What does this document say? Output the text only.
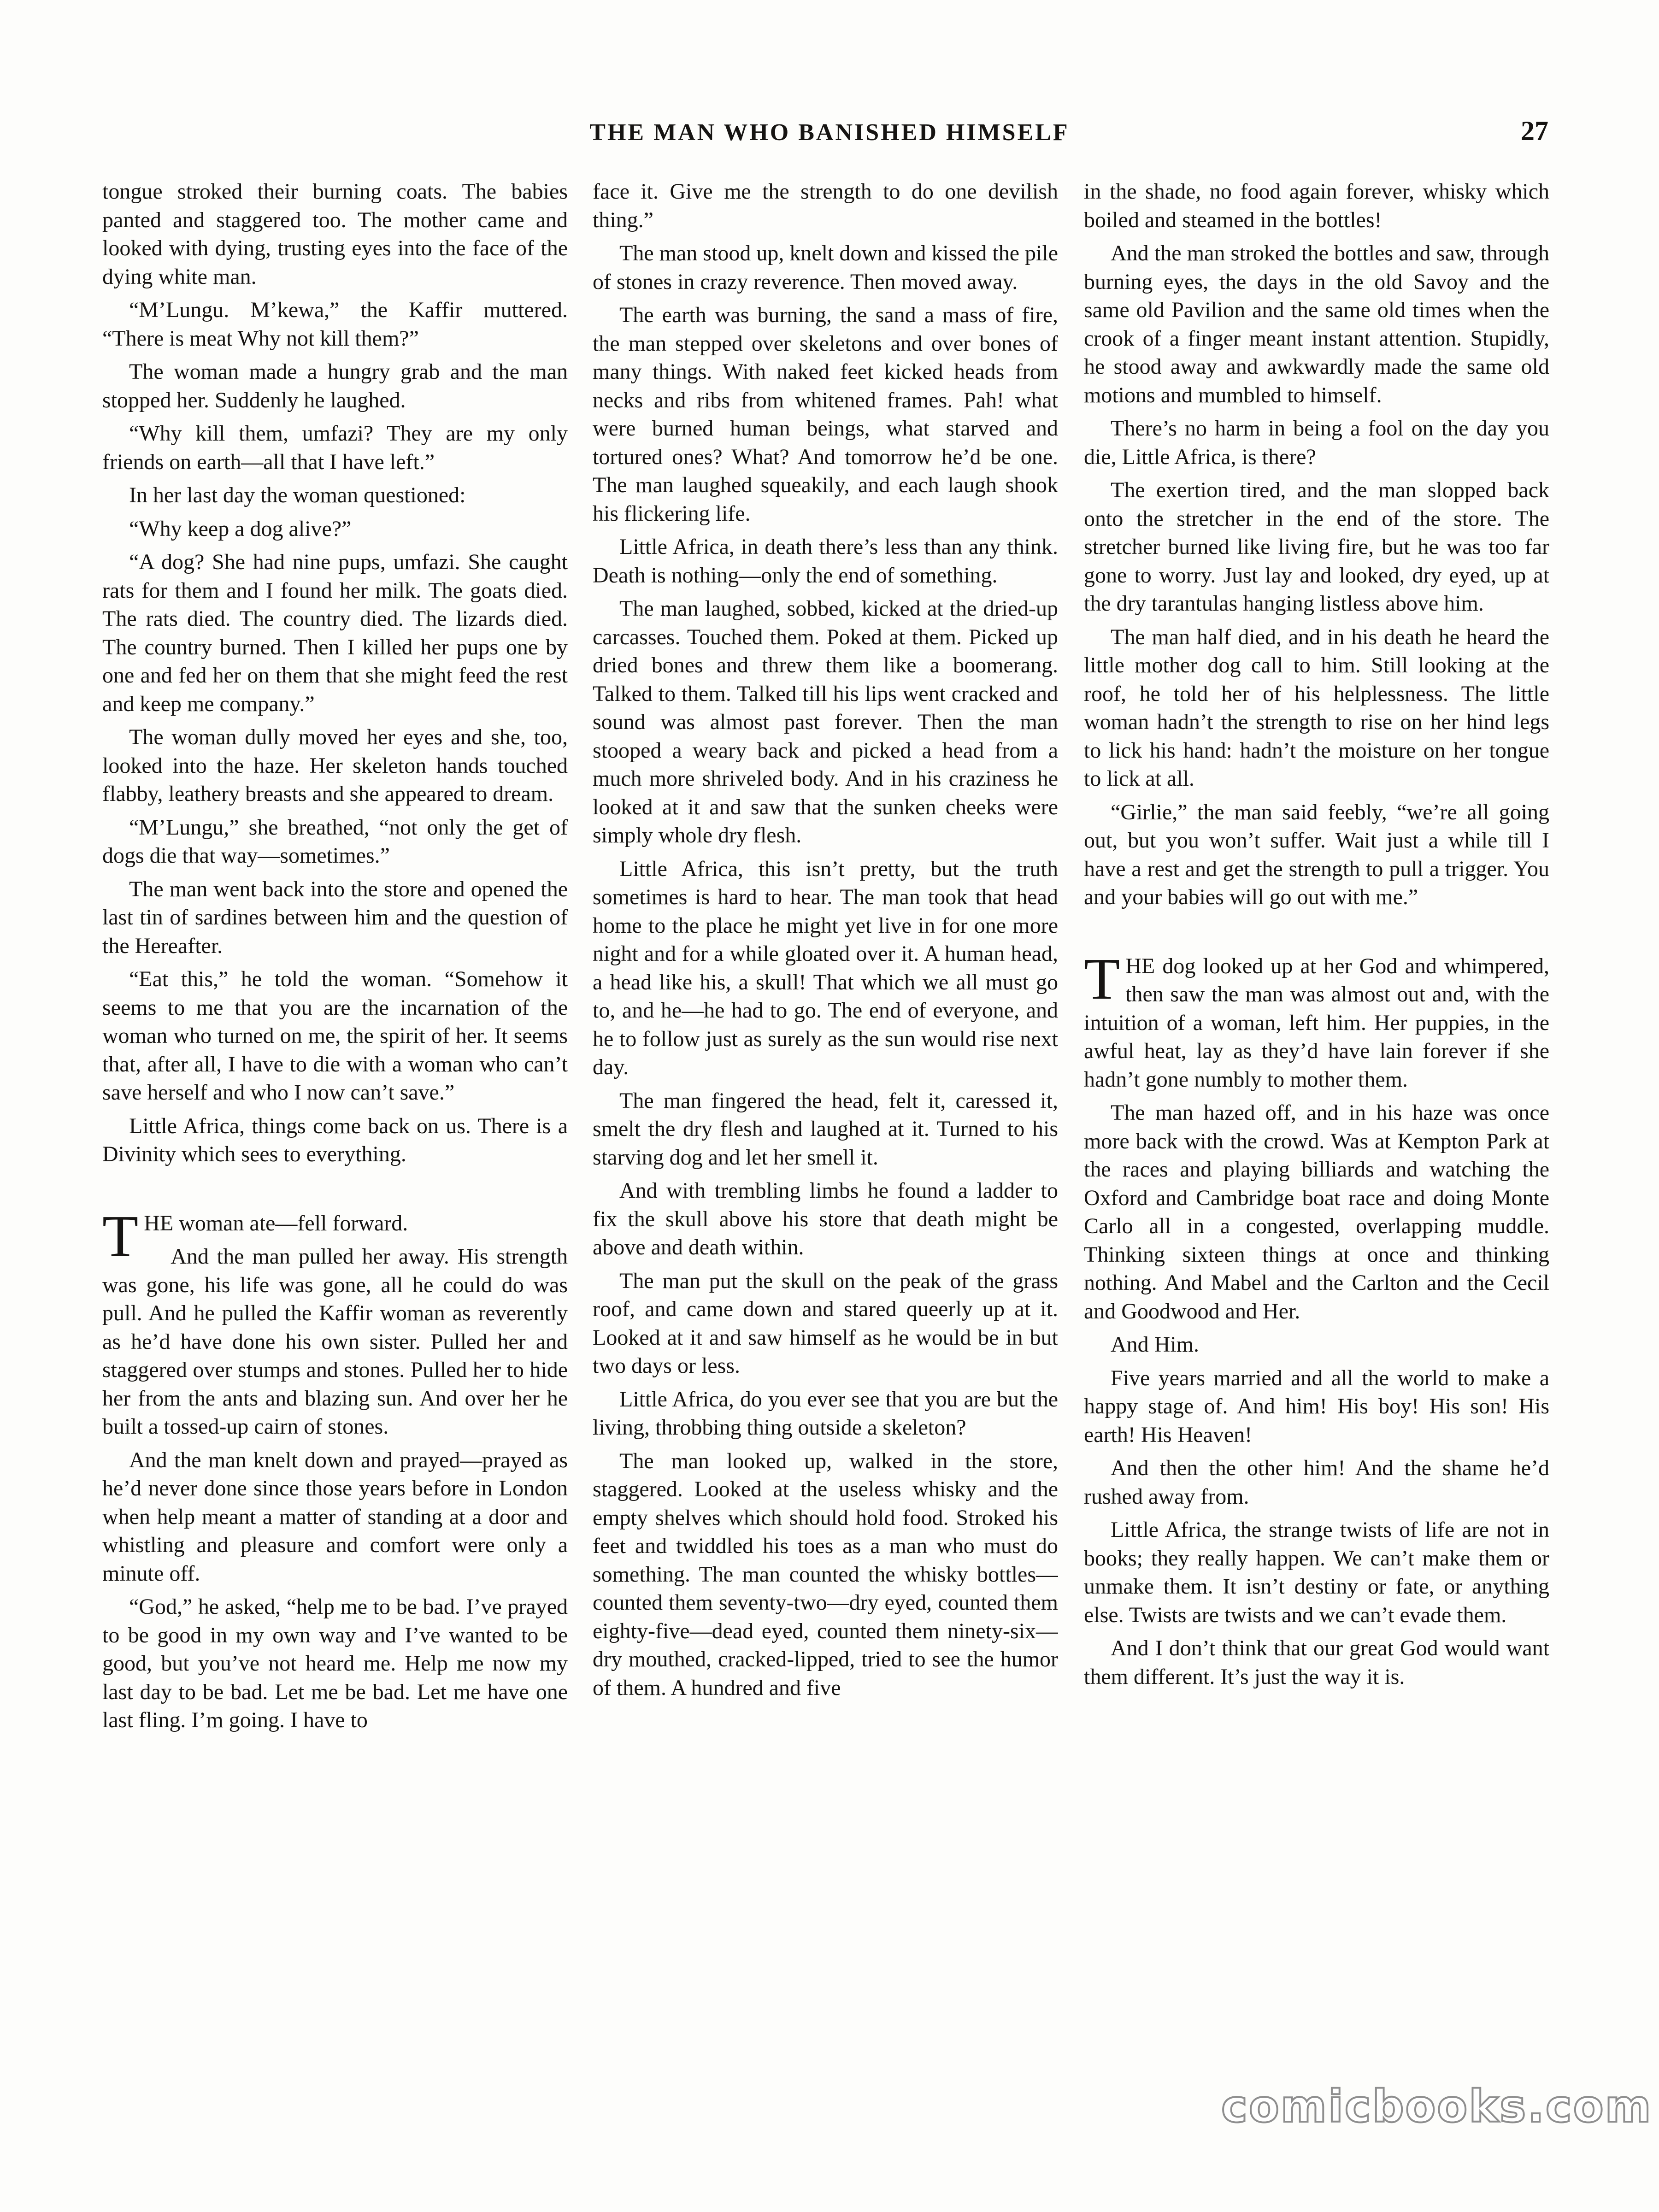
THE MAN WHO BANISHED HIMSELF	27

tongue stroked their burning coats. The babies panted and staggered too. The mother came and looked with dying, trusting eyes into the face of the dying white man.

“M’Lungu. M’kewa,” the Kaffir muttered. “There is meat Why not kill them?”

The woman made a hungry grab and the man stopped her. Suddenly he laughed.

“Why kill them, umfazi? They are my only friends on earth—all that I have left.”

In her last day the woman questioned:

“Why keep a dog alive?”

“A dog? She had nine pups, umfazi. She caught rats for them and I found her milk. The goats died. The rats died. The country died. The lizards died. The country burned. Then I killed her pups one by one and fed her on them that she might feed the rest and keep me company.”

The woman dully moved her eyes and she, too, looked into the haze. Her skeleton hands touched flabby, leathery breasts and she appeared to dream.

“M’Lungu,” she breathed, “not only the get of dogs die that way—sometimes.”

The man went back into the store and opened the last tin of sardines between him and the question of the Hereafter.

“Eat this,” he told the woman. “Somehow it seems to me that you are the incarnation of the woman who turned on me, the spirit of her. It seems that, after all, I have to die with a woman who can’t save herself and who I now can’t save.”

Little Africa, things come back on us. There is a Divinity which sees to everything.

THE woman ate—fell forward.

And the man pulled her away. His strength was gone, his life was gone, all he could do was pull. And he pulled the Kaffir woman as reverently as he’d have done his own sister. Pulled her and staggered over stumps and stones. Pulled her to hide her from the ants and blazing sun. And over her he built a tossed-up cairn of stones.

And the man knelt down and prayed—prayed as he’d never done since those years before in London when help meant a matter of standing at a door and whistling and pleasure and comfort were only a minute off.

“God,” he asked, “help me to be bad. I’ve prayed to be good in my own way and I’ve wanted to be good, but you’ve not heard me. Help me now my last day to be bad. Let me be bad. Let me have one last fling. I’m going. I have to

face it. Give me the strength to do one devilish thing.”

The man stood up, knelt down and kissed the pile of stones in crazy reverence. Then moved away.

The earth was burning, the sand a mass of fire, the man stepped over skeletons and over bones of many things. With naked feet kicked heads from necks and ribs from whitened frames. Pah! what were burned human beings, what starved and tortured ones? What? And tomorrow he’d be one. The man laughed squeakily, and each laugh shook his flickering life.

Little Africa, in death there’s less than any think. Death is nothing—only the end of something.

The man laughed, sobbed, kicked at the dried-up carcasses. Touched them. Poked at them. Picked up dried bones and threw them like a boomerang. Talked to them. Talked till his lips went cracked and sound was almost past forever. Then the man stooped a weary back and picked a head from a much more shriveled body. And in his craziness he looked at it and saw that the sunken cheeks were simply whole dry flesh.

Little Africa, this isn’t pretty, but the truth sometimes is hard to hear. The man took that head home to the place he might yet live in for one more night and for a while gloated over it. A human head, a head like his, a skull! That which we all must go to, and he—he had to go. The end of everyone, and he to follow just as surely as the sun would rise next day.

The man fingered the head, felt it, caressed it, smelt the dry flesh and laughed at it. Turned to his starving dog and let her smell it.

And with trembling limbs he found a ladder to fix the skull above his store that death might be above and death within.

The man put the skull on the peak of the grass roof, and came down and stared queerly up at it. Looked at it and saw himself as he would be in but two days or less.

Little Africa, do you ever see that you are but the living, throbbing thing outside a skeleton?

The man looked up, walked in the store, staggered. Looked at the useless whisky and the empty shelves which should hold food. Stroked his feet and twiddled his toes as a man who must do something. The man counted the whisky bottles—counted them seventy-two—dry eyed, counted them eighty-five—dead eyed, counted them ninety-six—dry mouthed, cracked-lipped, tried to see the humor of them. A hundred and five

in the shade, no food again forever, whisky which boiled and steamed in the bottles!

And the man stroked the bottles and saw, through burning eyes, the days in the old Savoy and the same old Pavilion and the same old times when the crook of a finger meant instant attention. Stupidly, he stood away and awkwardly made the same old motions and mumbled to himself.

There’s no harm in being a fool on the day you die, Little Africa, is there?

The exertion tired, and the man slopped back onto the stretcher in the end of the store. The stretcher burned like living fire, but he was too far gone to worry. Just lay and looked, dry eyed, up at the dry tarantulas hanging listless above him.

The man half died, and in his death he heard the little mother dog call to him. Still looking at the roof, he told her of his helplessness. The little woman hadn’t the strength to rise on her hind legs to lick his hand: hadn’t the moisture on her tongue to lick at all.

“Girlie,” the man said feebly, “we’re all going out, but you won’t suffer. Wait just a while till I have a rest and get the strength to pull a trigger. You and your babies will go out with me.”

THE dog looked up at her God and whimpered, then saw the man was almost out and, with the intuition of a woman, left him. Her puppies, in the awful heat, lay as they’d have lain forever if she hadn’t gone numbly to mother them.

The man hazed off, and in his haze was once more back with the crowd. Was at Kempton Park at the races and playing billiards and watching the Oxford and Cambridge boat race and doing Monte Carlo all in a congested, overlapping muddle. Thinking sixteen things at once and thinking nothing. And Mabel and the Carlton and the Cecil and Goodwood and Her.

And Him.

Five years married and all the world to make a happy stage of. And him! His boy! His son! His earth! His Heaven!

And then the other him! And the shame he’d rushed away from.

Little Africa, the strange twists of life are not in books; they really happen. We can’t make them or unmake them. It isn’t destiny or fate, or anything else. Twists are twists and we can’t evade them.

And I don’t think that our great God would want them different. It’s just the way it is.

comicbooks.com
